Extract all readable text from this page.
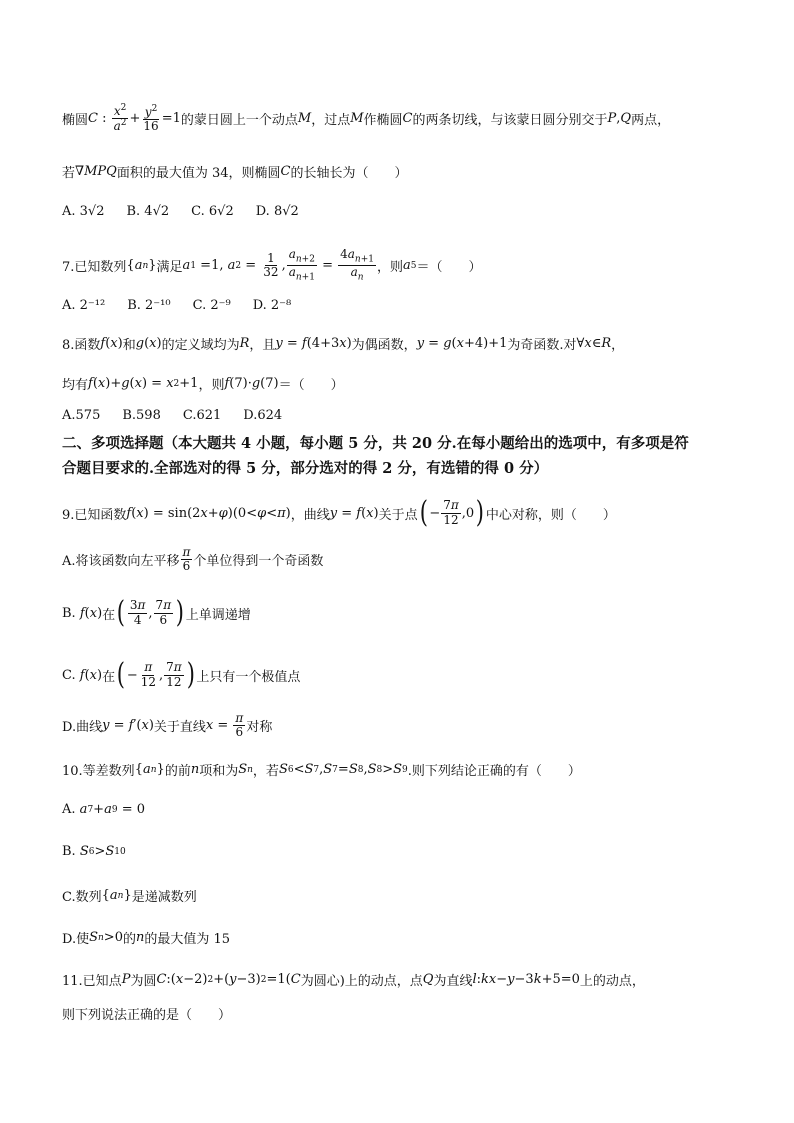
椭圆 C : $\frac{x^2}{a^2} + \frac{y^2}{16} =1$ 的蒙日圆上一个动点 M ，过点 M 作椭圆 C 的两条切线，与该蒙日圆分别交于 P , Q 两点，
若 ∇MPQ 面积的最大值为 34，则椭圆 C 的长轴长为（　　）
A. 3√2 B. 4√2 C. 6√2 D. 8√2
7.已知数列 { a n } 满足 a 1 =1, a $2 = \frac{1}{32}$ , $\frac{a_{n+2}}{a_{n+1}} = \frac{4a_{n+1}}{a_n}$ ，则 a 5 ＝（　　）
A. 2⁻¹² B. 2⁻¹⁰ C. 2⁻⁹ D. 2⁻⁸
8.函数 f ( x ) 和 g ( x ) 的定义域均为 R ，且 y = f (4+3 x ) 为偶函数， y = g ( x +4)+1 为奇函数.对 ∀ x ∈ R ，
均有 f ( x )+ g ( x ) = x 2 +1 ，则 f (7)· g (7) ＝（　　）
A.575 B.598 C.621 D.624
二、多项选择题（本大题共 4 小题，每小题 5 分，共 20 分.在每小题给出的选项中，有多项是符
合题目要求的.全部选对的得 5 分，部分选对的得 2 分，有选错的得 0 分）
9.已知函数 f ( x ) = sin(2 x + φ )(0< φ < π ) ，曲线 y = f ( x ) 关于点 ( − $\frac{7\pi}{12} ,0$ ) 中心对称，则（　　）
A.将该函数向左平移 $\frac{\pi}{6}$ 个单位得到一个奇函数
B.
f ( x ) 在 ( $\frac{3\pi}{4}$ , $\frac{7\pi}{6}$ ) 上单调递增
C.
f ( x ) 在 ( − $\frac{\pi}{12}$ , $\frac{7\pi}{12}$ ) 上只有一个极值点
D.曲线 y = f ′( x ) 关于直线 $x = \frac{\pi}{6}$ 对称
10.等差数列 { a n } 的前 n 项和为 S n ，若 S 6 < S 7 , S 7 = S 8 , S 8 > S 9 .则下列结论正确的有（　　）
A.
a 7 + a 9 = 0
B.
S 6 > S 10
C.数列 { a n } 是递减数列
D.使 S n >0 的 n 的最大值为 15
11.已知点 P 为圆 C :( x −2) 2 +( y −3) 2 =1( C 为圆心) 上的动点，点 Q 为直线 l : kx − y −3 k +5=0 上的动点，
则下列说法正确的是（　　）
